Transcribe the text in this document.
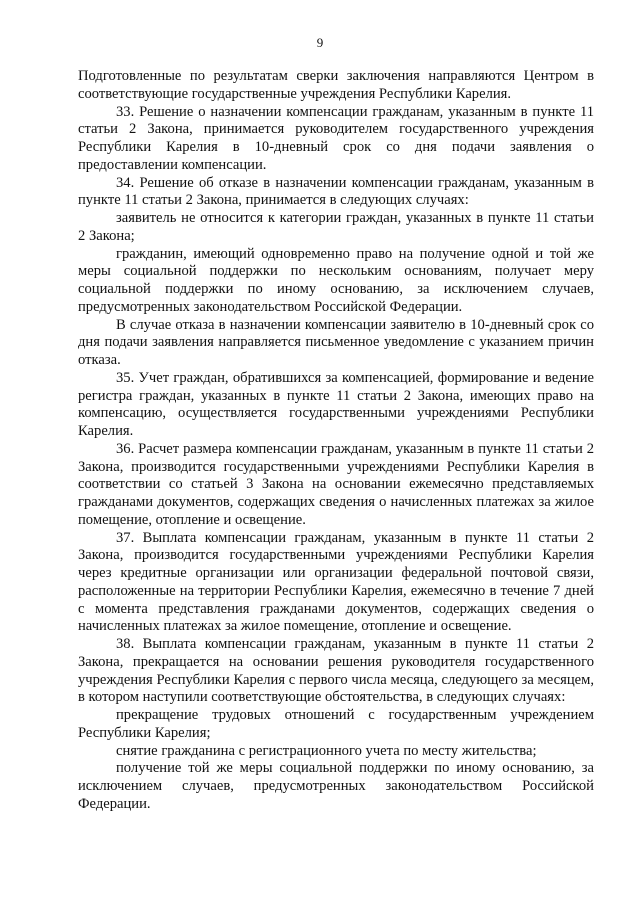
9

Подготовленные по результатам сверки заключения направляются Центром в соответствующие государственные учреждения Республики Карелия.

33. Решение о назначении компенсации гражданам, указанным в пункте 11 статьи 2 Закона, принимается руководителем государственного учреждения Республики Карелия в 10-дневный срок со дня подачи заявления о предоставлении компенсации.

34. Решение об отказе в назначении компенсации гражданам, указанным в пункте 11 статьи 2 Закона, принимается в следующих случаях:

заявитель не относится к категории граждан, указанных в пункте 11 статьи 2 Закона;

гражданин, имеющий одновременно право на получение одной и той же меры социальной поддержки по нескольким основаниям, получает меру социальной поддержки по иному основанию, за исключением случаев, предусмотренных законодательством Российской Федерации.

В случае отказа в назначении компенсации заявителю в 10-дневный срок со дня подачи заявления направляется письменное уведомление с указанием причин отказа.

35. Учет граждан, обратившихся за компенсацией, формирование и ведение регистра граждан, указанных в пункте 11 статьи 2 Закона, имеющих право на компенсацию, осуществляется государственными учреждениями Республики Карелия.

36. Расчет размера компенсации гражданам, указанным в пункте 11 статьи 2 Закона, производится государственными учреждениями Республики Карелия в соответствии со статьей 3 Закона на основании ежемесячно представляемых гражданами документов, содержащих сведения о начисленных платежах за жилое помещение, отопление и освещение.

37. Выплата компенсации гражданам, указанным в пункте 11 статьи 2 Закона, производится государственными учреждениями Республики Карелия через кредитные организации или организации федеральной почтовой связи, расположенные на территории Республики Карелия, ежемесячно в течение 7 дней с момента представления гражданами документов, содержащих сведения о начисленных платежах за жилое помещение, отопление и освещение.

38. Выплата компенсации гражданам, указанным в пункте 11 статьи 2 Закона, прекращается на основании решения руководителя государственного учреждения Республики Карелия с первого числа месяца, следующего за месяцем, в котором наступили соответствующие обстоятельства, в следующих случаях:

прекращение трудовых отношений с государственным учреждением Республики Карелия;

снятие гражданина с регистрационного учета по месту жительства;

получение той же меры социальной поддержки по иному основанию, за исключением случаев, предусмотренных законодательством Российской Федерации.
